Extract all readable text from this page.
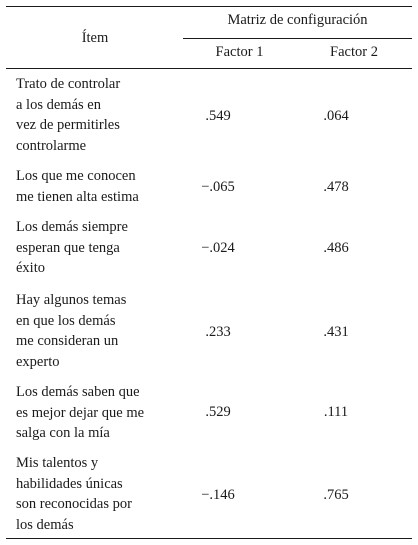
Ítem
Matriz de configuración
Factor 1	Factor 2
Trato de controlar
a los demás en
vez de permitirles
controlarme
.549	.064
Los que me conocen
me tienen alta estima
−.065	.478
Los demás siempre
esperan que tenga
éxito
−.024	.486
Hay algunos temas
en que los demás
me consideran un
experto
.233	.431
Los demás saben que
es mejor dejar que me
salga con la mía
.529	.111
Mis talentos y
habilidades únicas
son reconocidas por
los demás
−.146	.765
